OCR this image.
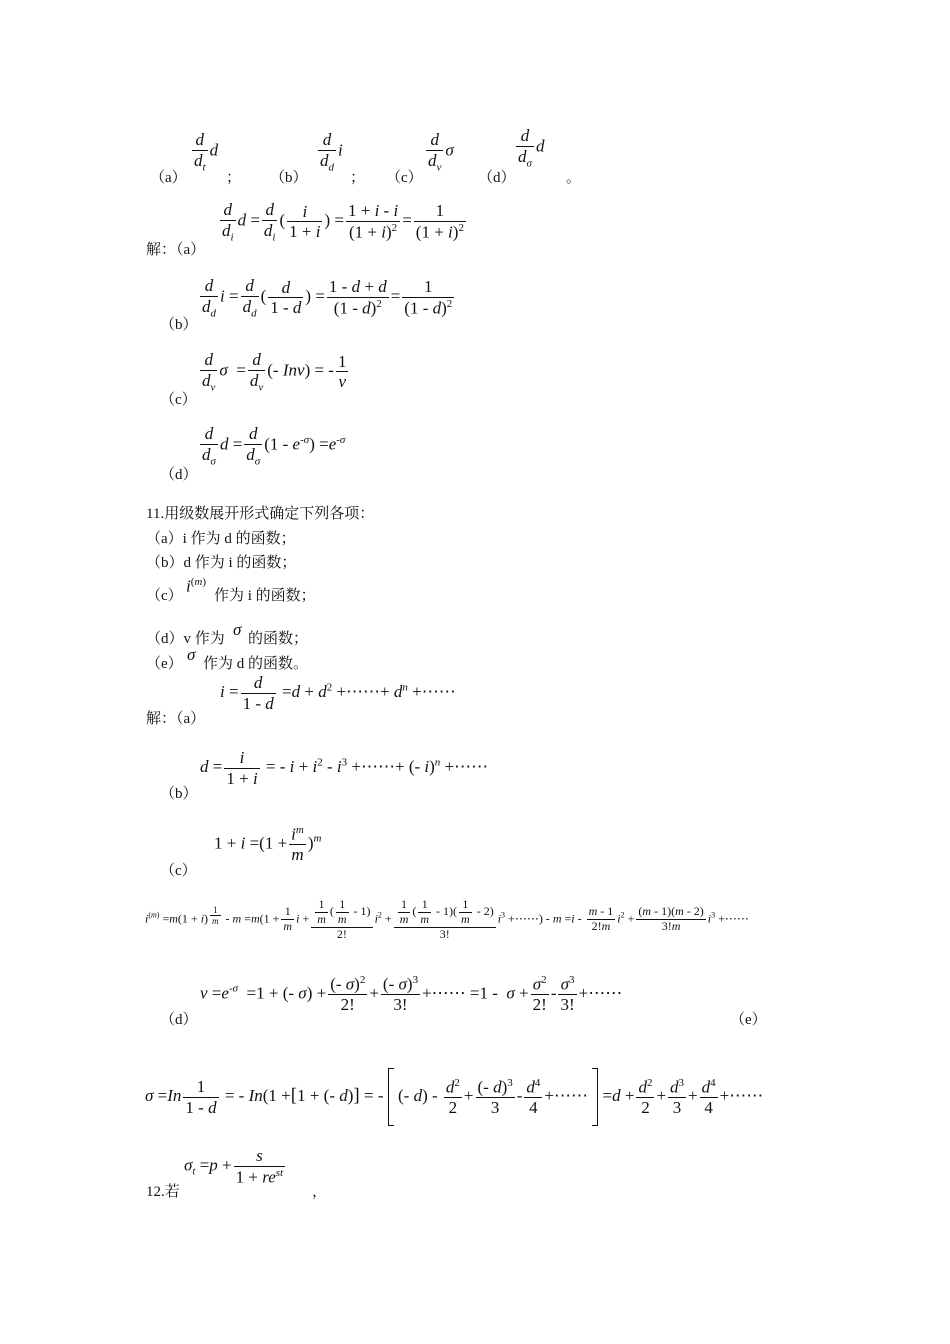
$\frac{d}{d_t}$ d
（a）	；
$\frac{d}{d_d}$ i
（b）	；
$\frac{d}{d_v}$ σ
（c）
$\frac{d}{d_\sigma}$ d
（d）	。
解：（a）
$\frac{d}{d_i}$ $d = \frac{d}{d_i}$ ( $\frac{i}{1 + i}$ ) = $\frac{1 + i - i}{(1 + i)^2} = \frac{1}{(1 + i)^2}$
（b）
$\frac{d}{d_d}$ $i = \frac{d}{d_d}$ ( $\frac{d}{1 - d}$ ) = $\frac{1 - d + d}{(1 - d)^2} = \frac{1}{(1 - d)^2}$
（c）
$\frac{d}{d_v}$ $\sigma = \frac{d}{d_v}$ (- Inv) = - $\frac{1}{v}$
（d）
$\frac{d}{d_\sigma}$ $d = \frac{d}{d_\sigma} (1 - e^{-\sigma}) =e^{-\sigma}$
11.用级数展开形式确定下列各项：
（a）i 作为 d 的函数；
（b）d 作为 i 的函数；
（c）
$i^{(m)}$
作为 i 的函数；
（d）v 作为 σ 的函数；
（e） σ 作为 d 的函数。
解：（a）
$i = \frac{d}{1 - d} =d + d^2$ +⋯⋯+ $d^n$ +⋯⋯
（b）
$d = \frac{i}{1 + i}$ = - $i + i^2 - i^3$ +⋯⋯+ (- i)$^n$ +⋯⋯
（c）
$1 + i =(1 + \frac{i^m}{m} )^m$
$i^{(m)} =m(1 + i)$ $^{\frac{1}{m}} - m =m(1 + \frac{1}{m}$ $i + \frac{\frac{1}{m} ( \frac{1}{m} - 1)}{2!} i^2 + \frac{\frac{1}{m} ( \frac{1}{m} - 1)( \frac{1}{m} - 2)}{3!} i^3$ +⋯⋯) - $m =i - \frac{m - 1}{2!m} i^2 + \frac{(m - 1)(m - 2)}{3!m} i^3$ +⋯⋯
（d）
$v =e^{-\sigma} =1$ + (- $\sigma) + \frac{(- \sigma)^2}{2!} + \frac{(- \sigma)^3}{3!}$ +⋯⋯ $=1 - \sigma + \frac{\sigma^2}{2!} - \frac{\sigma^3}{3!}$ +⋯⋯
（e）
$\sigma =In \frac{1}{1 - d}$ = - In(1 +[1 + (- d)] = -  (- $d) - \frac{d^2}{2} + \frac{(- d)^3}{3} - \frac{d^4}{4}$ +⋯⋯  $=d + \frac{d^2}{2} + \frac{d^3}{3} + \frac{d^4}{4}$ +⋯⋯
12.若
$\sigma_t =p + \frac{s}{1 + re^{st}}$
，
